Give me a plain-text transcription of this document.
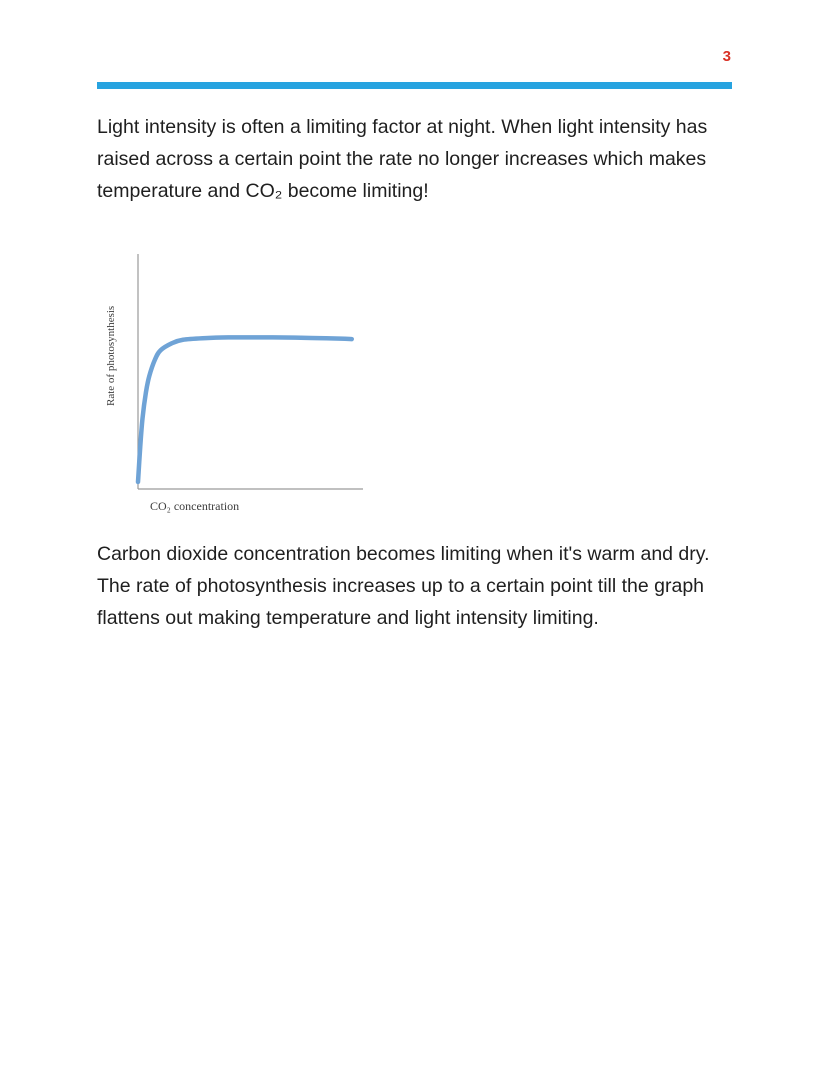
3

Light intensity is often a limiting factor at night. When light intensity has raised across a certain point the rate no longer increases which makes temperature and CO₂ become limiting!

CO₂ concentration
Rate of photosynthesis

Carbon dioxide concentration becomes limiting when it's warm and dry. The rate of photosynthesis increases up to a certain point till the graph flattens out making temperature and light intensity limiting.
